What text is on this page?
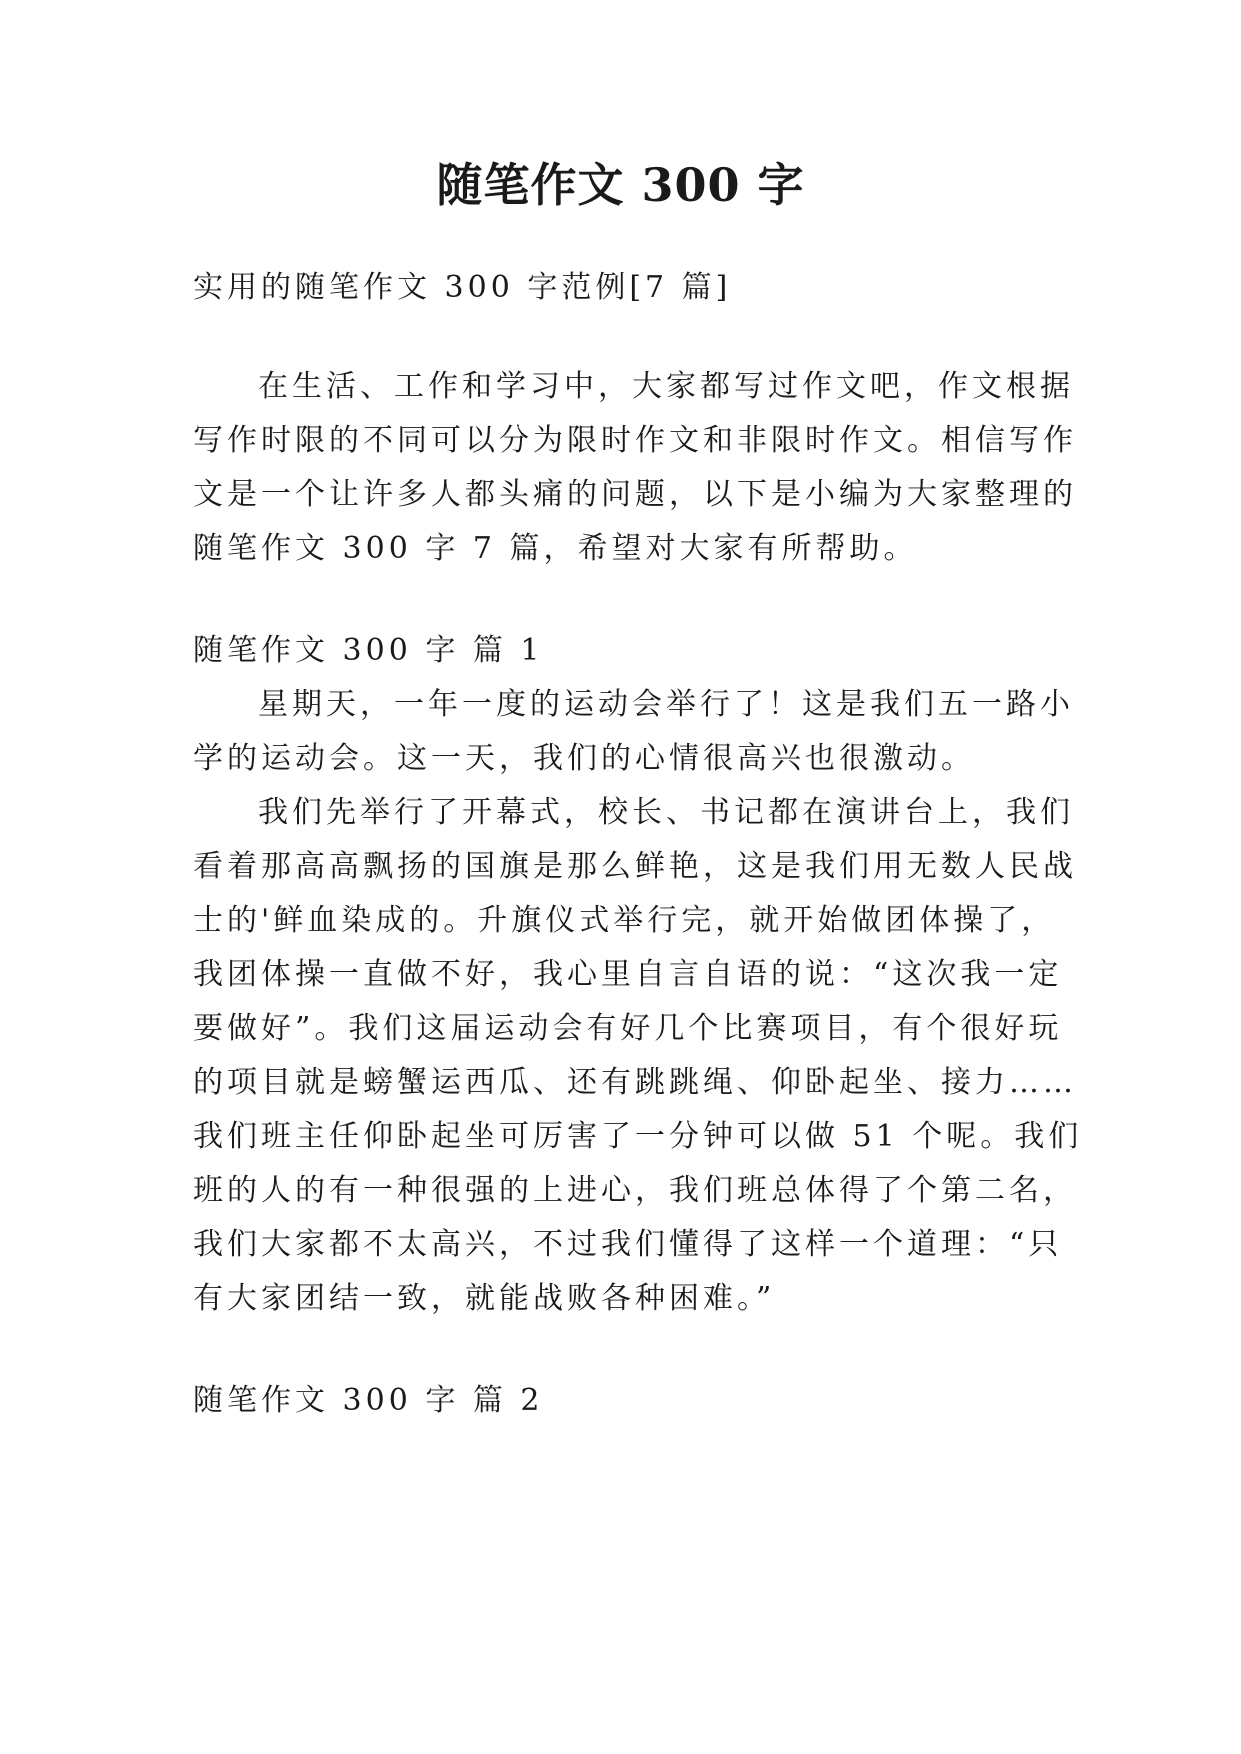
随笔作文 300 字
实用的随笔作文 300 字范例[7 篇]
在生活、工作和学习中，大家都写过作文吧，作文根据
写作时限的不同可以分为限时作文和非限时作文。相信写作
文是一个让许多人都头痛的问题，以下是小编为大家整理的
随笔作文 300 字 7 篇，希望对大家有所帮助。
随笔作文 300 字 篇 1
星期天，一年一度的运动会举行了！这是我们五一路小
学的运动会。这一天，我们的心情很高兴也很激动。
我们先举行了开幕式，校长、书记都在演讲台上，我们
看着那高高飘扬的国旗是那么鲜艳，这是我们用无数人民战
士的'鲜血染成的。升旗仪式举行完，就开始做团体操了，
我团体操一直做不好，我心里自言自语的说：“这次我一定
要做好”。我们这届运动会有好几个比赛项目，有个很好玩
的项目就是螃蟹运西瓜、还有跳跳绳、仰卧起坐、接力……
我们班主任仰卧起坐可厉害了一分钟可以做 51 个呢。我们
班的人的有一种很强的上进心，我们班总体得了个第二名，
我们大家都不太高兴，不过我们懂得了这样一个道理：“只
有大家团结一致，就能战败各种困难。”
随笔作文 300 字 篇 2
